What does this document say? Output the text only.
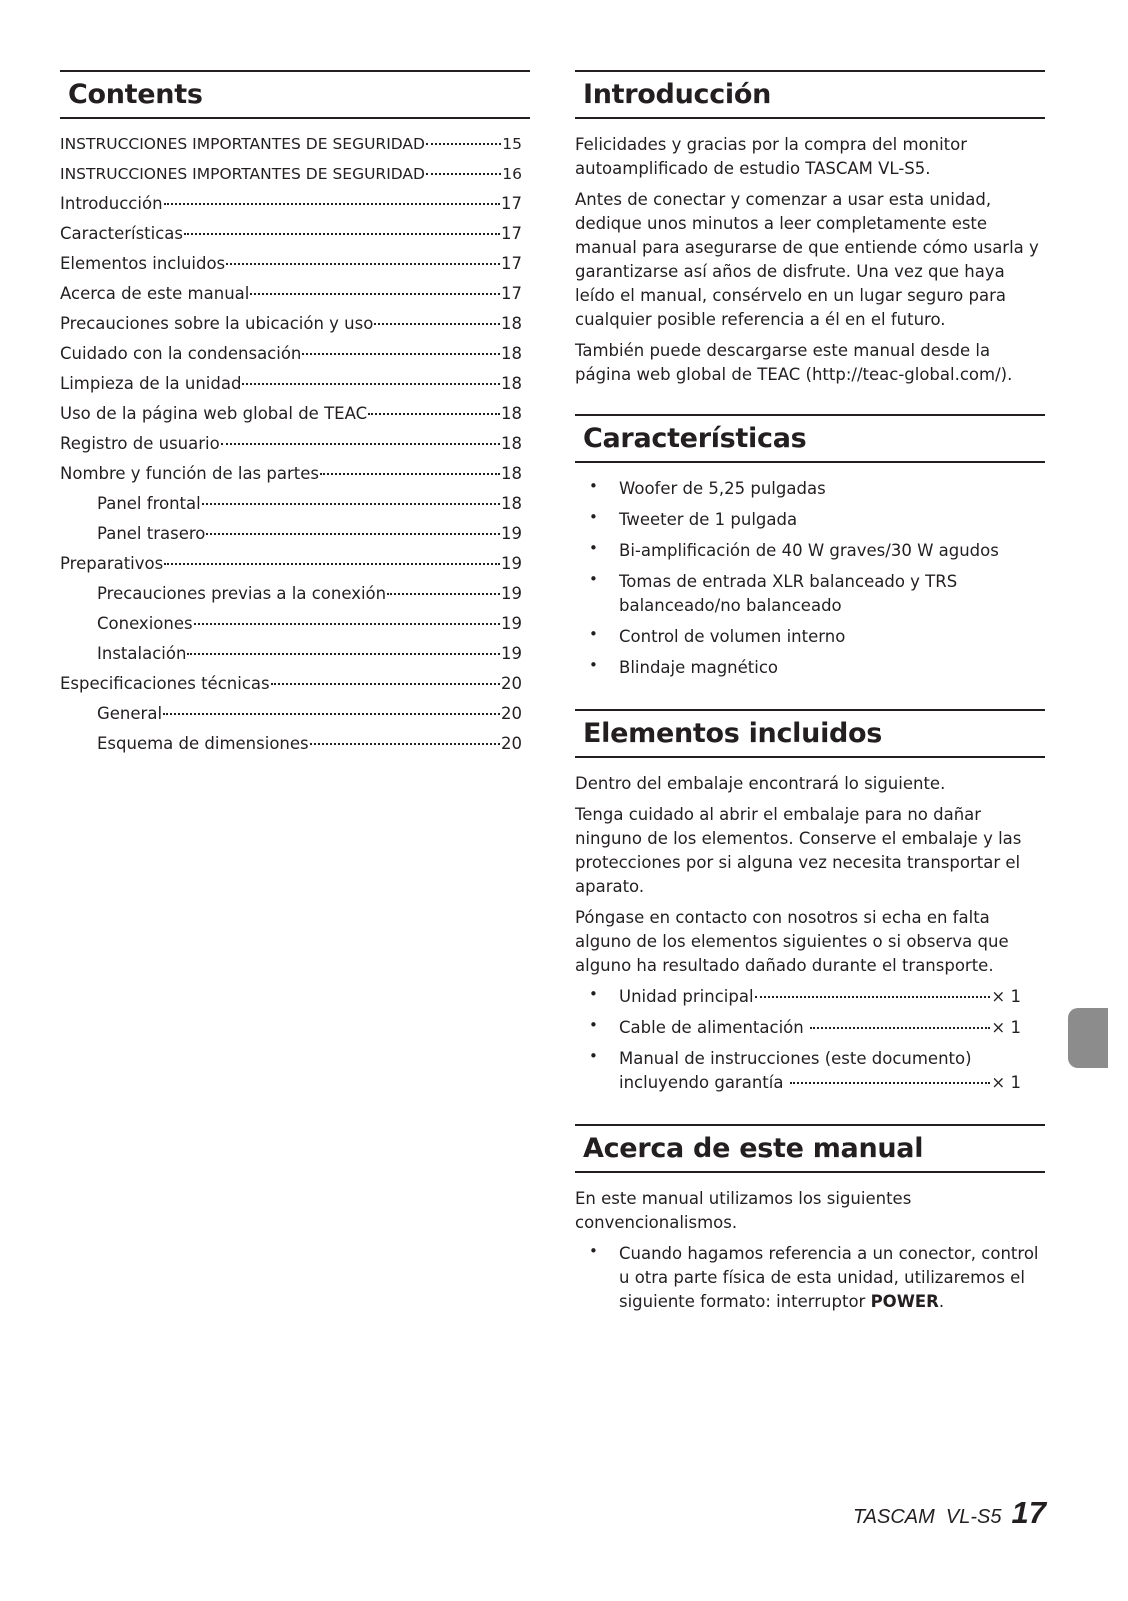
Contents
INSTRUCCIONES IMPORTANTES DE SEGURIDAD	15
INSTRUCCIONES IMPORTANTES DE SEGURIDAD	16
Introducción	17
Características	17
Elementos incluidos	17
Acerca de este manual	17
Precauciones sobre la ubicación y uso	18
Cuidado con la condensación	18
Limpieza de la unidad	18
Uso de la página web global de TEAC	18
Registro de usuario	18
Nombre y función de las partes	18
Panel frontal	18
Panel trasero	19
Preparativos	19
Precauciones previas a la conexión	19
Conexiones	19
Instalación	19
Especificaciones técnicas	20
General	20
Esquema de dimensiones	20
Introducción

Felicidades y gracias por la compra del monitor autoamplificado de estudio TASCAM VL-S5.

Antes de conectar y comenzar a usar esta unidad, dedique unos minutos a leer completamente este manual para asegurarse de que entiende cómo usarla y garantizarse así años de disfrute. Una vez que haya leído el manual, consérvelo en un lugar seguro para cualquier posible referencia a él en el futuro.

También puede descargarse este manual desde la página web global de TEAC (http://teac-global.com/).

Características
• Woofer de 5,25 pulgadas
• Tweeter de 1 pulgada
• Bi-amplificación de 40 W graves/30 W agudos
• Tomas de entrada XLR balanceado y TRS balanceado/no balanceado
• Control de volumen interno
• Blindaje magnético
Elementos incluidos

Dentro del embalaje encontrará lo siguiente.

Tenga cuidado al abrir el embalaje para no dañar ninguno de los elementos. Conserve el embalaje y las protecciones por si alguna vez necesita transportar el aparato.

Póngase en contacto con nosotros si echa en falta alguno de los elementos siguientes o si observa que alguno ha resultado dañado durante el transporte.

• Unidad principal	× 1
• Cable de alimentación	× 1
• Manual de instrucciones (este documento)
incluyendo garantía	× 1
Acerca de este manual

En este manual utilizamos los siguientes convencionalismos.

• Cuando hagamos referencia a un conector, control u otra parte física de esta unidad, utilizaremos el siguiente formato: interruptor POWER.
TASCAM  VL-S5 17
